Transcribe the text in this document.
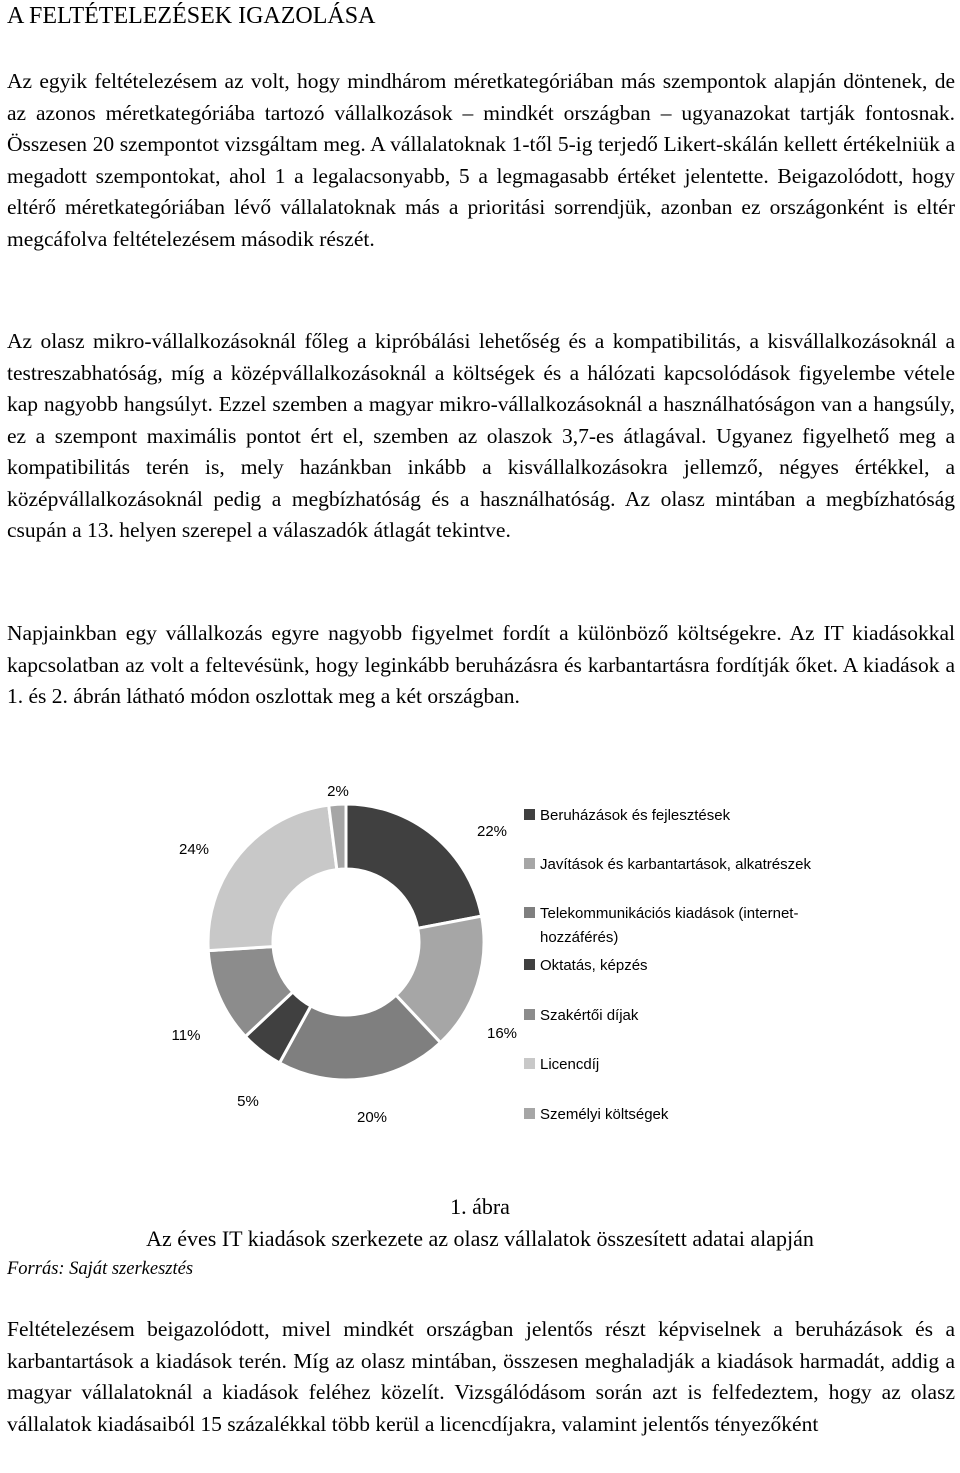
A FELTÉTELEZÉSEK IGAZOLÁSA

Az egyik feltételezésem az volt, hogy mindhárom méretkategóriában más szempontok alapján döntenek, de az azonos méretkategóriába tartozó vállalkozások – mindkét országban – ugyanazokat tartják fontosnak. Összesen 20 szempontot vizsgáltam meg. A vállalatoknak 1-től 5-ig terjedő Likert-skálán kellett értékelniük a megadott szempontokat, ahol 1 a legalacsonyabb, 5 a legmagasabb értéket jelentette. Beigazolódott, hogy eltérő méretkategóriában lévő vállalatoknak más a prioritási sorrendjük, azonban ez országonként is eltér megcáfolva feltételezésem második részét.

Az olasz mikro-vállalkozásoknál főleg a kipróbálási lehetőség és a kompatibilitás, a kisvállalkozásoknál a testreszabhatóság, míg a középvállalkozásoknál a költségek és a hálózati kapcsolódások figyelembe vétele kap nagyobb hangsúlyt. Ezzel szemben a magyar mikro-vállalkozásoknál a használhatóságon van a hangsúly, ez a szempont maximális pontot ért el, szemben az olaszok 3,7-es átlagával. Ugyanez figyelhető meg a kompatibilitás terén is, mely hazánkban inkább a kisvállalkozásokra jellemző, négyes értékkel, a középvállalkozásoknál pedig a megbízhatóság és a használhatóság. Az olasz mintában a megbízhatóság csupán a 13. helyen szerepel a válaszadók átlagát tekintve.

Napjainkban egy vállalkozás egyre nagyobb figyelmet fordít a különböző költségekre. Az IT kiadásokkal kapcsolatban az volt a feltevésünk, hogy leginkább beruházásra és karbantartásra fordítják őket. A kiadások a 1. és 2. ábrán látható módon oszlottak meg a két országban.

22%
16%
20%
5%
11%
24%
2%
Beruházások és fejlesztések
Javítások és karbantartások, alkatrészek
Telekommunikációs kiadások (internet-
hozzáférés)
Oktatás, képzés
Szakértői díjak
Licencdíj
Személyi költségek
1. ábra
Az éves IT kiadások szerkezete az olasz vállalatok összesített adatai alapján
Forrás: Saját szerkesztés

Feltételezésem beigazolódott, mivel mindkét országban jelentős részt képviselnek a beruházások és a karbantartások a kiadások terén. Míg az olasz mintában, összesen meghaladják a kiadások harmadát, addig a magyar vállalatoknál a kiadások feléhez közelít. Vizsgálódásom során azt is felfedeztem, hogy az olasz vállalatok kiadásaiból 15 százalékkal több kerül a licencdíjakra, valamint jelentős tényezőként
